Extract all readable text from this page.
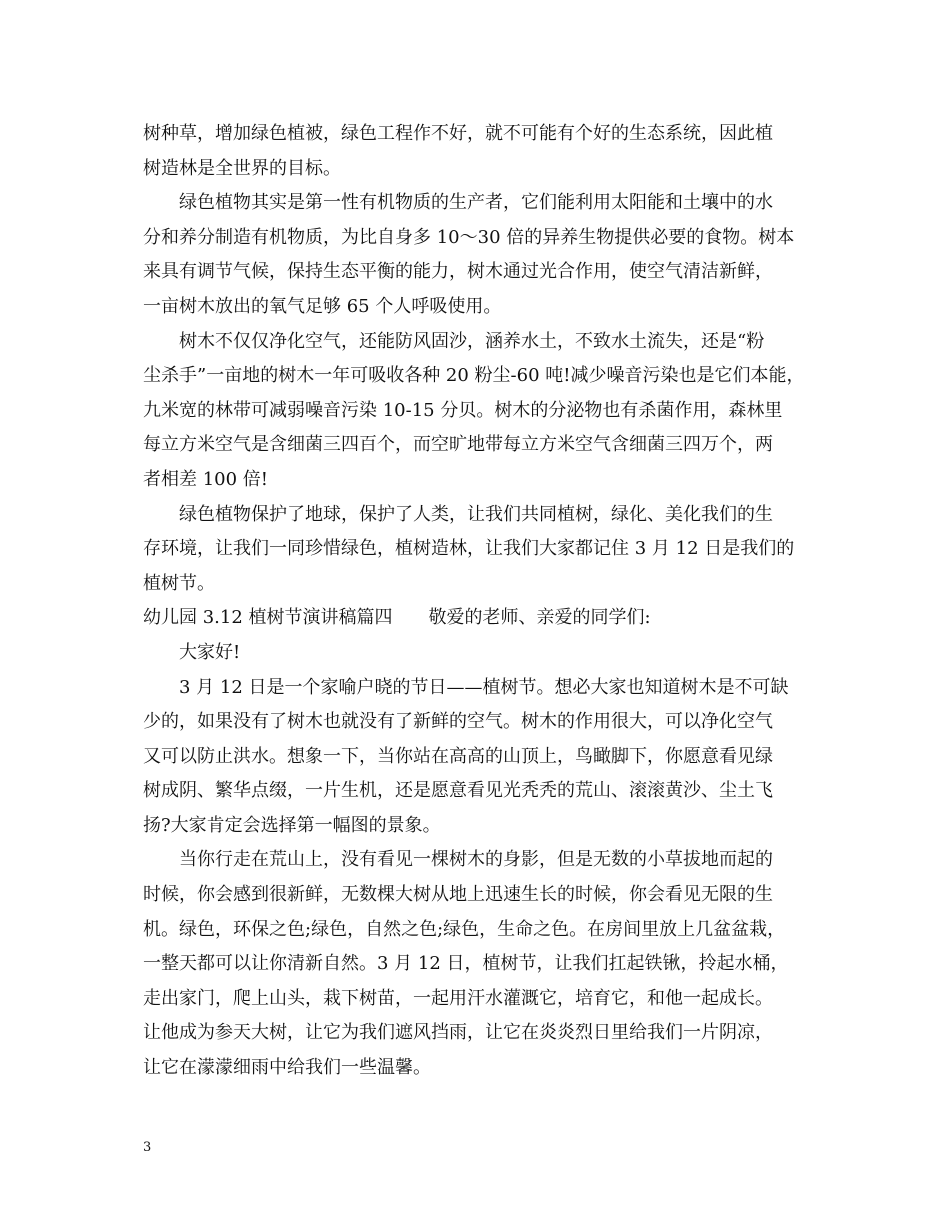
树种草，增加绿色植被，绿色工程作不好，就不可能有个好的生态系统，因此植
树造林是全世界的目标。
绿色植物其实是第一性有机物质的生产者，它们能利用太阳能和土壤中的水
分和养分制造有机物质，为比自身多 10～30 倍的异养生物提供必要的食物。树本
来具有调节气候，保持生态平衡的能力，树木通过光合作用，使空气清洁新鲜，
一亩树木放出的氧气足够 65 个人呼吸使用。
树木不仅仅净化空气，还能防风固沙，涵养水土，不致水土流失，还是“粉
尘杀手”一亩地的树木一年可吸收各种 20 粉尘-60 吨!减少噪音污染也是它们本能，
九米宽的林带可减弱噪音污染 10-15 分贝。树木的分泌物也有杀菌作用，森林里
每立方米空气是含细菌三四百个，而空旷地带每立方米空气含细菌三四万个，两
者相差 100 倍!
绿色植物保护了地球，保护了人类，让我们共同植树，绿化、美化我们的生
存环境，让我们一同珍惜绿色，植树造林，让我们大家都记住 3 月 12 日是我们的
植树节。
幼儿园 3.12 植树节演讲稿篇四　　敬爱的老师、亲爱的同学们:
大家好!
3 月 12 日是一个家喻户晓的节日——植树节。想必大家也知道树木是不可缺
少的，如果没有了树木也就没有了新鲜的空气。树木的作用很大，可以净化空气
又可以防止洪水。想象一下，当你站在高高的山顶上，鸟瞰脚下，你愿意看见绿
树成阴、繁华点缀，一片生机，还是愿意看见光秃秃的荒山、滚滚黄沙、尘土飞
扬?大家肯定会选择第一幅图的景象。
当你行走在荒山上，没有看见一棵树木的身影，但是无数的小草拔地而起的
时候，你会感到很新鲜，无数棵大树从地上迅速生长的时候，你会看见无限的生
机。绿色，环保之色;绿色，自然之色;绿色，生命之色。在房间里放上几盆盆栽，
一整天都可以让你清新自然。3 月 12 日，植树节，让我们扛起铁锹，拎起水桶，
走出家门，爬上山头，栽下树苗，一起用汗水灌溉它，培育它，和他一起成长。
让他成为参天大树，让它为我们遮风挡雨，让它在炎炎烈日里给我们一片阴凉，
让它在濛濛细雨中给我们一些温馨。
3
